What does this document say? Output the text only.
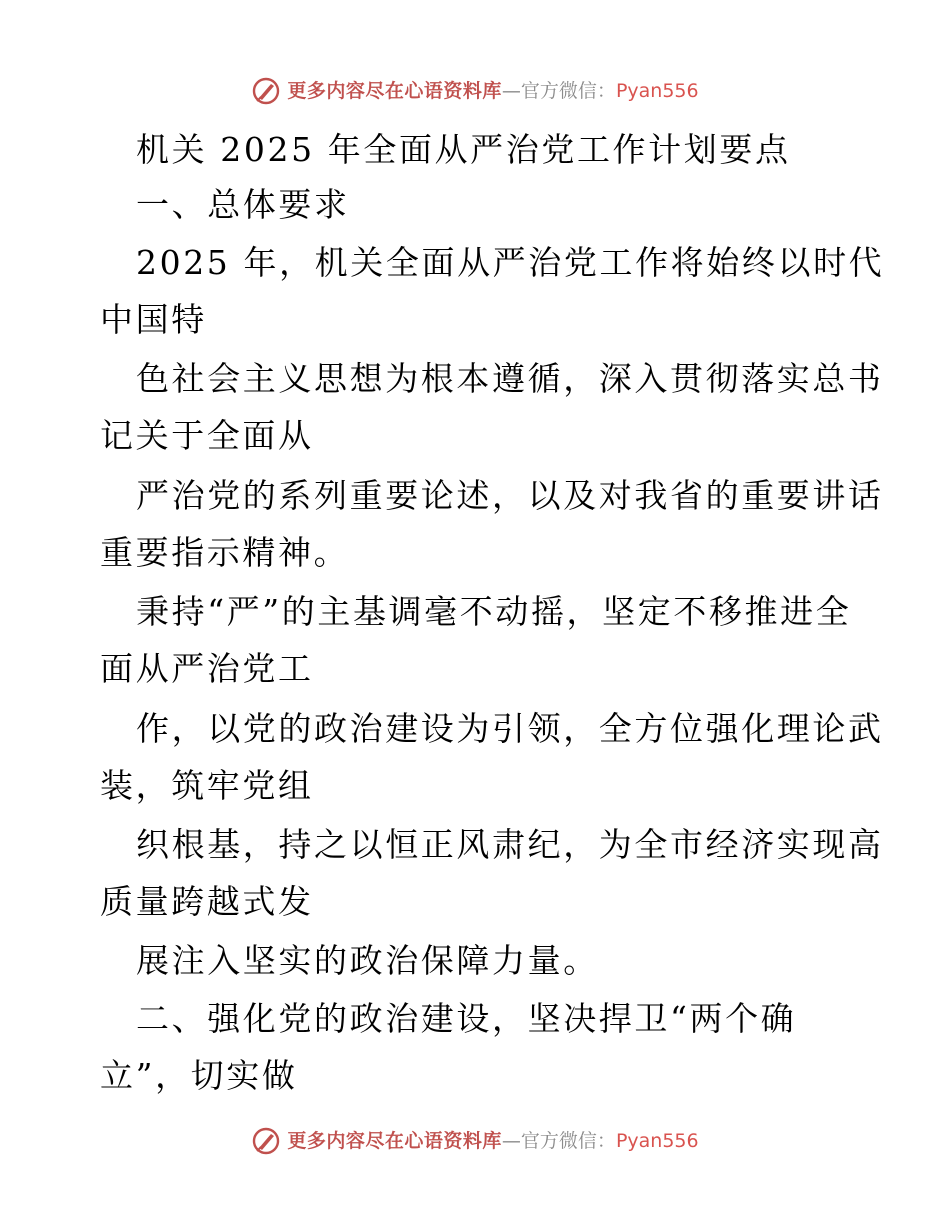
更多内容尽在心语资料库 — 官方微信： Pyan556
机关 2025 年全面从严治党工作计划要点
一、总体要求
2025 年，机关全面从严治党工作将始终以时代
中国特
色社会主义思想为根本遵循，深入贯彻落实总书
记关于全面从
严治党的系列重要论述，以及对我省的重要讲话
重要指示精神。
秉持“严”的主基调毫不动摇，坚定不移推进全
面从严治党工
作，以党的政治建设为引领，全方位强化理论武
装，筑牢党组
织根基，持之以恒正风肃纪，为全市经济实现高
质量跨越式发
展注入坚实的政治保障力量。
二、强化党的政治建设，坚决捍卫“两个确
立”，切实做
更多内容尽在心语资料库 — 官方微信： Pyan556
